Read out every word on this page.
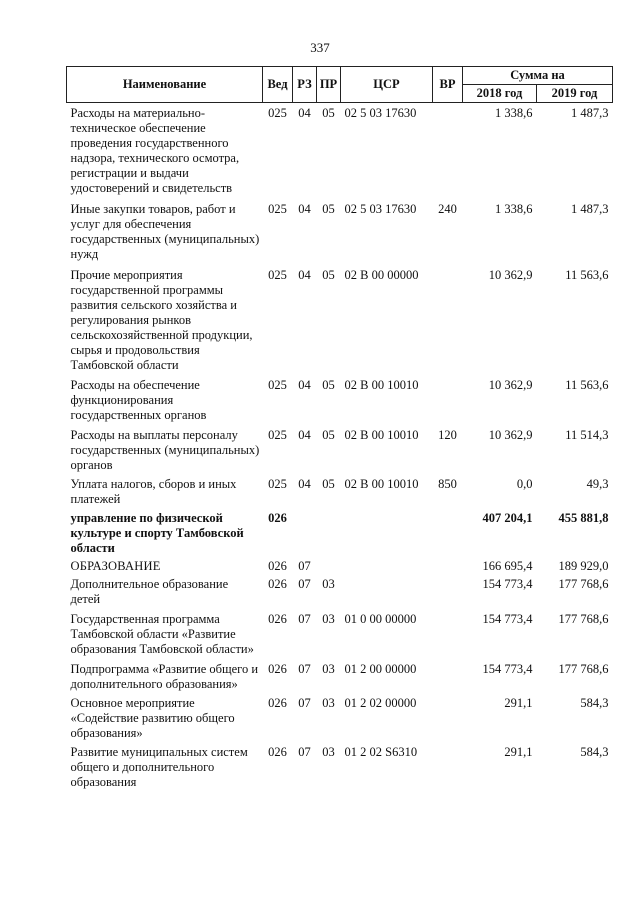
337
Наименование	Вед	РЗ	ПР	ЦСР	ВР	Сумма на	
						2018 год	2019 год
Расходы на материально-техническое обеспечение проведения государственного надзора, технического осмотра, регистрации и выдачи удостоверений и свидетельств	025	04	05	02 5 03 17630		1 338,6	1 487,3
Иные закупки товаров, работ и услуг для обеспечения государственных (муниципальных) нужд	025	04	05	02 5 03 17630	240	1 338,6	1 487,3
Прочие мероприятия государственной программы развития сельского хозяйства и регулирования рынков сельскохозяйственной продукции, сырья и продовольствия Тамбовской области	025	04	05	02 В 00 00000		10 362,9	11 563,6
Расходы на обеспечение функционирования государственных органов	025	04	05	02 В 00 10010		10 362,9	11 563,6
Расходы на выплаты персоналу государственных (муниципальных) органов	025	04	05	02 В 00 10010	120	10 362,9	11 514,3
Уплата налогов, сборов и иных платежей	025	04	05	02 В 00 10010	850	0,0	49,3
управление по физической культуре и спорту Тамбовской области	026					407 204,1	455 881,8
ОБРАЗОВАНИЕ	026	07				166 695,4	189 929,0
Дополнительное образование детей	026	07	03			154 773,4	177 768,6
Государственная программа Тамбовской области «Развитие образования Тамбовской области»	026	07	03	01 0 00 00000		154 773,4	177 768,6
Подпрограмма «Развитие общего и дополнительного образования»	026	07	03	01 2 00 00000		154 773,4	177 768,6
Основное мероприятие «Содействие развитию общего образования»	026	07	03	01 2 02 00000		291,1	584,3
Развитие муниципальных систем общего и дополнительного образования	026	07	03	01 2 02 S6310		291,1	584,3
